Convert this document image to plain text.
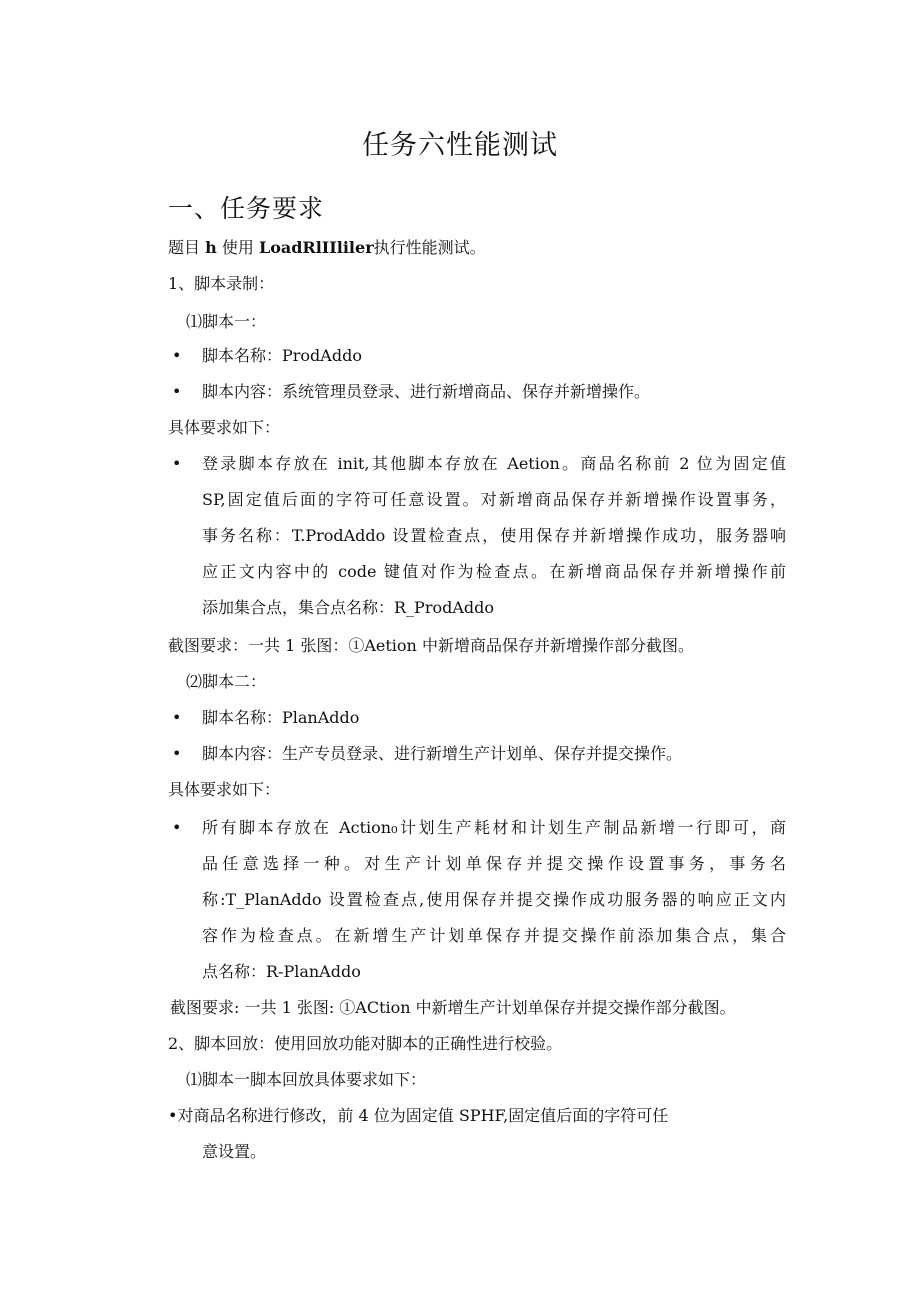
任务六性能测试
一、任务要求
题目 h 使用 LoadRlIIliler执行性能测试。
1、脚本录制：
⑴脚本一：
• 脚本名称：ProdAddo
• 脚本内容：系统管理员登录、进行新增商品、保存并新增操作。
具体要求如下：
• 登录脚本存放在 init,其他脚本存放在 Aetion。商品名称前 2 位为固定值
SP,固定值后面的字符可任意设置。对新增商品保存并新增操作设置事务，
事务名称：T.ProdAddo 设置检查点，使用保存并新增操作成功，服务器响
应正文内容中的 code 键值对作为检查点。在新增商品保存并新增操作前
添加集合点，集合点名称：R_ProdAddo
截图要求：一共 1 张图：①Aetion 中新增商品保存并新增操作部分截图。
⑵脚本二：
• 脚本名称：PlanAddo
• 脚本内容：生产专员登录、进行新增生产计划单、保存并提交操作。
具体要求如下：
• 所有脚本存放在 Action₀计划生产耗材和计划生产制品新增一行即可，商
品任意选择一种。对生产计划单保存并提交操作设置事务，事务名
称:T_PlanAddo 设置检查点,使用保存并提交操作成功服务器的响应正文内
容作为检查点。在新增生产计划单保存并提交操作前添加集合点，集合
点名称：R-PlanAddo
截图要求: 一共 1 张图: ①ACtion 中新增生产计划单保存并提交操作部分截图。
2、脚本回放：使用回放功能对脚本的正确性进行校验。
⑴脚本一脚本回放具体要求如下：
•对商品名称进行修改，前 4 位为固定值 SPHF,固定值后面的字符可任
意设置。
